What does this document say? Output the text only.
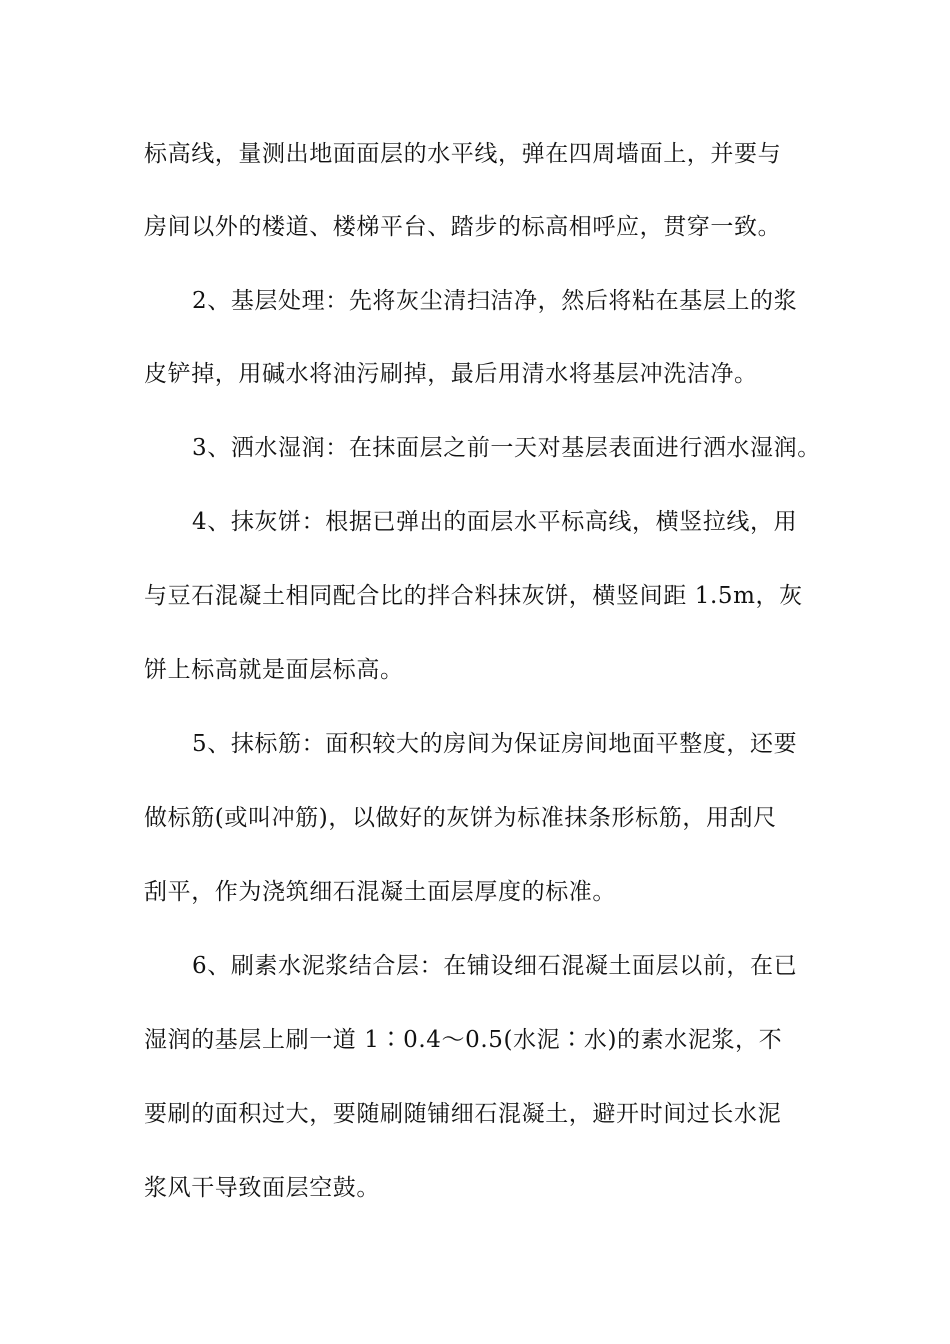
标高线，量测出地面面层的水平线，弹在四周墙面上，并要与

房间以外的楼道、楼梯平台、踏步的标高相呼应，贯穿一致。

2、基层处理：先将灰尘清扫洁净，然后将粘在基层上的浆

皮铲掉，用碱水将油污刷掉，最后用清水将基层冲洗洁净。

3、洒水湿润：在抹面层之前一天对基层表面进行洒水湿润。

4、抹灰饼：根据已弹出的面层水平标高线，横竖拉线，用

与豆石混凝土相同配合比的拌合料抹灰饼，横竖间距 1.5m，灰

饼上标高就是面层标高。

5、抹标筋：面积较大的房间为保证房间地面平整度，还要

做标筋(或叫冲筋)，以做好的灰饼为标准抹条形标筋，用刮尺

刮平，作为浇筑细石混凝土面层厚度的标准。

6、刷素水泥浆结合层：在铺设细石混凝土面层以前，在已

湿润的基层上刷一道 1∶0.4～0.5(水泥∶水)的素水泥浆，不

要刷的面积过大，要随刷随铺细石混凝土，避开时间过长水泥

浆风干导致面层空鼓。
